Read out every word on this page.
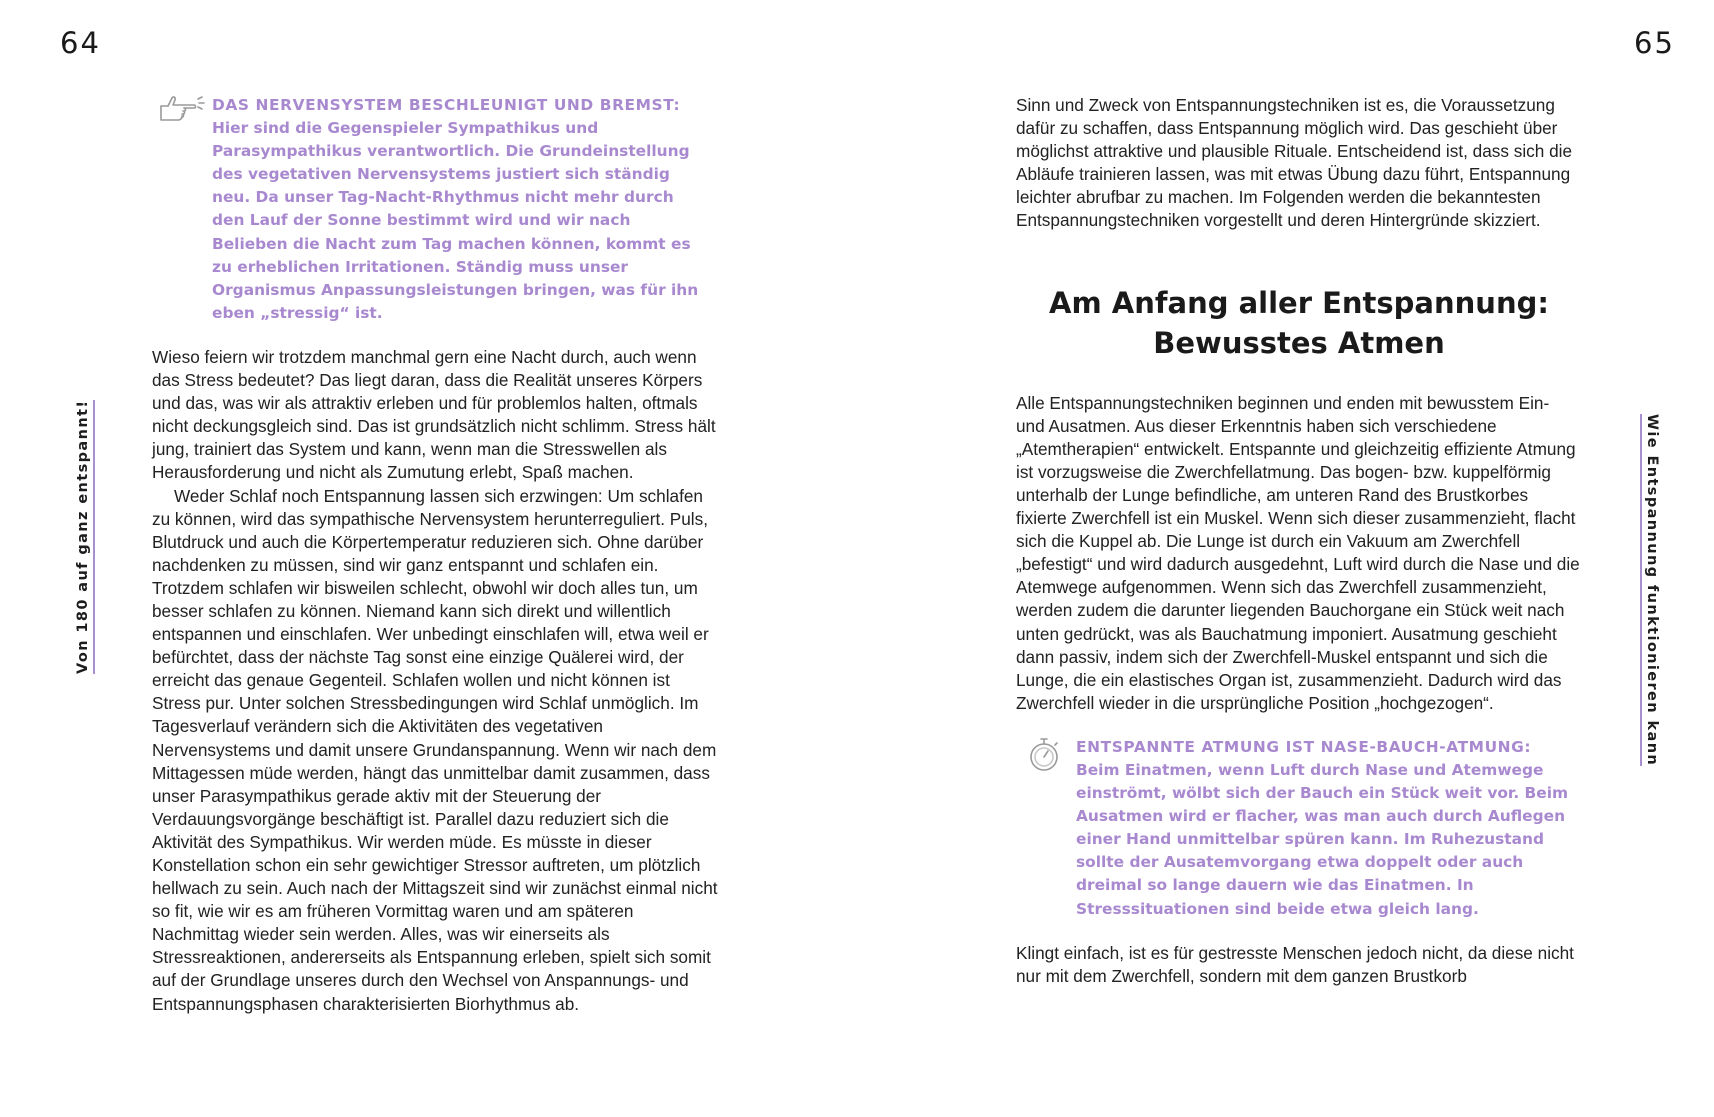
64	65
Von 180 auf ganz entspannt!	Wie Entspannung funktionieren kann
DAS NERVENSYSTEM BESCHLEUNIGT UND BREMST:
Hier sind die Gegenspieler Sympathikus und Parasympathikus verantwortlich. Die Grundeinstellung des vegetativen Nervensystems justiert sich ständig neu. Da unser Tag-Nacht-Rhythmus nicht mehr durch den Lauf der Sonne bestimmt wird und wir nach Belieben die Nacht zum Tag machen können, kommt es zu erheblichen Irritationen. Ständig muss unser Organismus Anpassungsleistungen bringen, was für ihn eben „stressig“ ist.

Wieso feiern wir trotzdem manchmal gern eine Nacht durch, auch wenn das Stress bedeutet? Das liegt daran, dass die Realität unseres Körpers und das, was wir als attraktiv erleben und für problemlos halten, oftmals nicht deckungsgleich sind. Das ist grundsätzlich nicht schlimm. Stress hält jung, trainiert das System und kann, wenn man die Stresswellen als Herausforderung und nicht als Zumutung erlebt, Spaß machen.

Weder Schlaf noch Entspannung lassen sich erzwingen: Um schlafen zu können, wird das sympathische Nervensystem herunterreguliert. Puls, Blutdruck und auch die Körpertemperatur reduzieren sich. Ohne darüber nachdenken zu müssen, sind wir ganz entspannt und schlafen ein. Trotzdem schlafen wir bisweilen schlecht, obwohl wir doch alles tun, um besser schlafen zu können. Niemand kann sich direkt und willentlich entspannen und einschlafen. Wer unbedingt einschlafen will, etwa weil er befürchtet, dass der nächste Tag sonst eine einzige Quälerei wird, der erreicht das genaue Gegenteil. Schlafen wollen und nicht können ist Stress pur. Unter solchen Stressbedingungen wird Schlaf unmöglich. Im Tagesverlauf verändern sich die Aktivitäten des vegetativen Nervensystems und damit unsere Grundanspannung. Wenn wir nach dem Mittagessen müde werden, hängt das unmittelbar damit zusammen, dass unser Parasympathikus gerade aktiv mit der Steuerung der Verdauungsvorgänge beschäftigt ist. Parallel dazu reduziert sich die Aktivität des Sympathikus. Wir werden müde. Es müsste in dieser Konstellation schon ein sehr gewichtiger Stressor auftreten, um plötzlich hellwach zu sein. Auch nach der Mittagszeit sind wir zunächst einmal nicht so fit, wie wir es am früheren Vormittag waren und am späteren Nachmittag wieder sein werden. Alles, was wir einerseits als Stressreaktionen, andererseits als Entspannung erleben, spielt sich somit auf der Grundlage unseres durch den Wechsel von Anspannungs- und Entspannungsphasen charakterisierten Biorhythmus ab.

Sinn und Zweck von Entspannungstechniken ist es, die Voraussetzung dafür zu schaffen, dass Entspannung möglich wird. Das geschieht über möglichst attraktive und plausible Rituale. Entscheidend ist, dass sich die Abläufe trainieren lassen, was mit etwas Übung dazu führt, Entspannung leichter abrufbar zu machen. Im Folgenden werden die bekanntesten Entspannungstechniken vorgestellt und deren Hintergründe skizziert.

Am Anfang aller Entspannung:
Bewusstes Atmen

Alle Entspannungstechniken beginnen und enden mit bewusstem Ein- und Ausatmen. Aus dieser Erkenntnis haben sich verschiedene „Atemtherapien“ entwickelt. Entspannte und gleichzeitig effiziente Atmung ist vorzugsweise die Zwerchfellatmung. Das bogen- bzw. kuppelförmig unterhalb der Lunge befindliche, am unteren Rand des Brustkorbes fixierte Zwerchfell ist ein Muskel. Wenn sich dieser zusammenzieht, flacht sich die Kuppel ab. Die Lunge ist durch ein Vakuum am Zwerchfell „befestigt“ und wird dadurch ausgedehnt, Luft wird durch die Nase und die Atemwege aufgenommen. Wenn sich das Zwerchfell zusammenzieht, werden zudem die darunter liegenden Bauchorgane ein Stück weit nach unten gedrückt, was als Bauchatmung imponiert. Ausatmung geschieht dann passiv, indem sich der Zwerchfell-Muskel entspannt und sich die Lunge, die ein elastisches Organ ist, zusammenzieht. Dadurch wird das Zwerchfell wieder in die ursprüngliche Position „hochgezogen“.

ENTSPANNTE ATMUNG IST NASE-BAUCH-ATMUNG:
Beim Einatmen, wenn Luft durch Nase und Atemwege einströmt, wölbt sich der Bauch ein Stück weit vor. Beim Ausatmen wird er flacher, was man auch durch Auflegen einer Hand unmittelbar spüren kann. Im Ruhezustand sollte der Ausatemvorgang etwa doppelt oder auch dreimal so lange dauern wie das Einatmen. In Stresssituationen sind beide etwa gleich lang.

Klingt einfach, ist es für gestresste Menschen jedoch nicht, da diese nicht nur mit dem Zwerchfell, sondern mit dem ganzen Brustkorb
